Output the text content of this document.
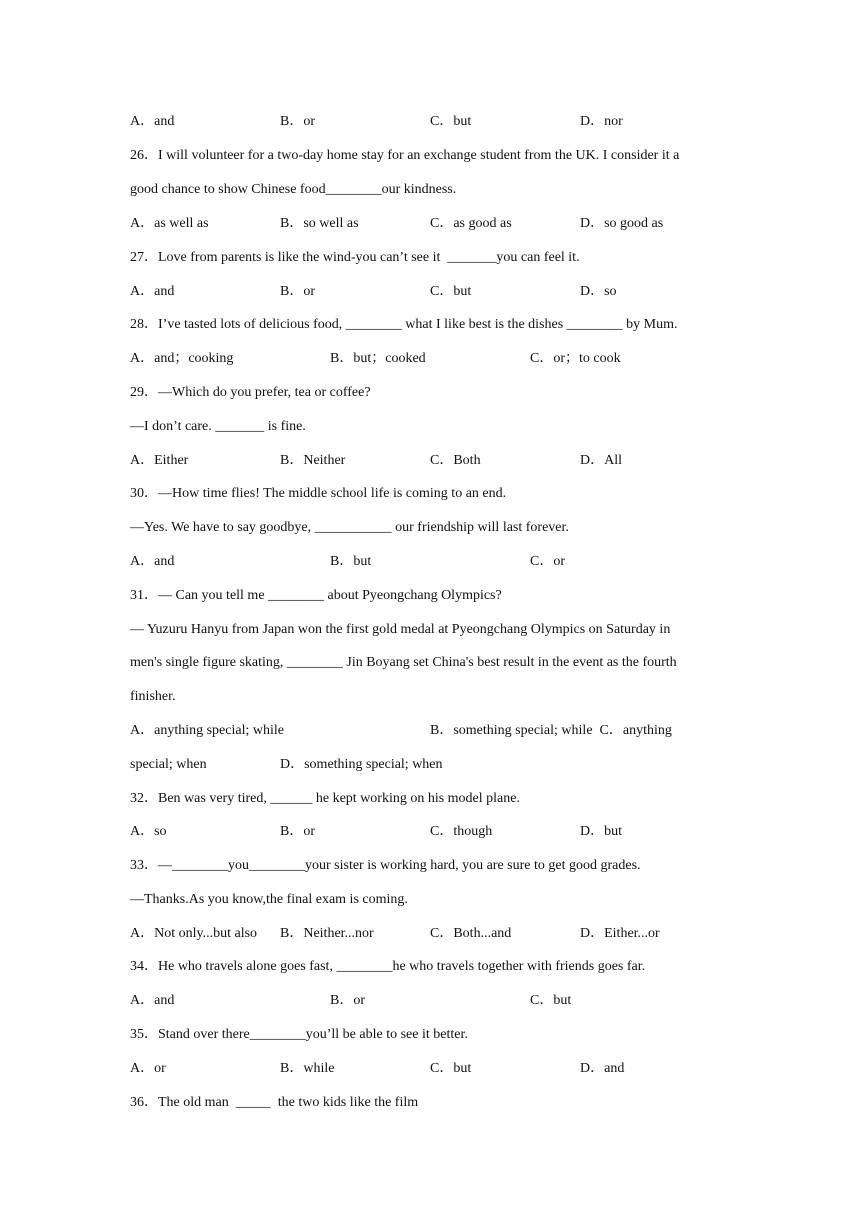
A．and	B．or	C．but	D．nor
26．I will volunteer for a two-day home stay for an exchange student from the UK. I consider it a
good chance to show Chinese food________our kindness.
A．as well as	B．so well as	C．as good as	D．so good as
27．Love from parents is like the wind-you can’t see it  _______you can feel it.
A．and	B．or	C．but	D．so
28．I’ve tasted lots of delicious food, ________ what I like best is the dishes ________ by Mum.
A．and；cooking	B．but；cooked	C．or；to cook
29．—Which do you prefer, tea or coffee?
—I don’t care. _______ is fine.
A．Either	B．Neither	C．Both	D．All
30．—How time flies! The middle school life is coming to an end.
—Yes. We have to say goodbye, ___________ our friendship will last forever.
A．and	B．but	C．or
31．— Can you tell me ________ about Pyeongchang Olympics?
— Yuzuru Hanyu from Japan won the first gold medal at Pyeongchang Olympics on Saturday in
men's single figure skating, ________ Jin Boyang set China's best result in the event as the fourth
finisher.
A．anything special; while	B．something special; while  C．anything
special; when	D．something special; when
32．Ben was very tired, ______ he kept working on his model plane.
A．so	B．or	C．though	D．but
33．—________you________your sister is working hard, you are sure to get good grades.
—Thanks.As you know,the final exam is coming.
A．Not only...but also B．Neither...nor	C．Both...and	D．Either...or
34．He who travels alone goes fast, ________he who travels together with friends goes far.
A．and	B．or	C．but
35．Stand over there________you’ll be able to see it better.
A．or	B．while	C．but	D．and
36．The old man  _____  the two kids like the film
